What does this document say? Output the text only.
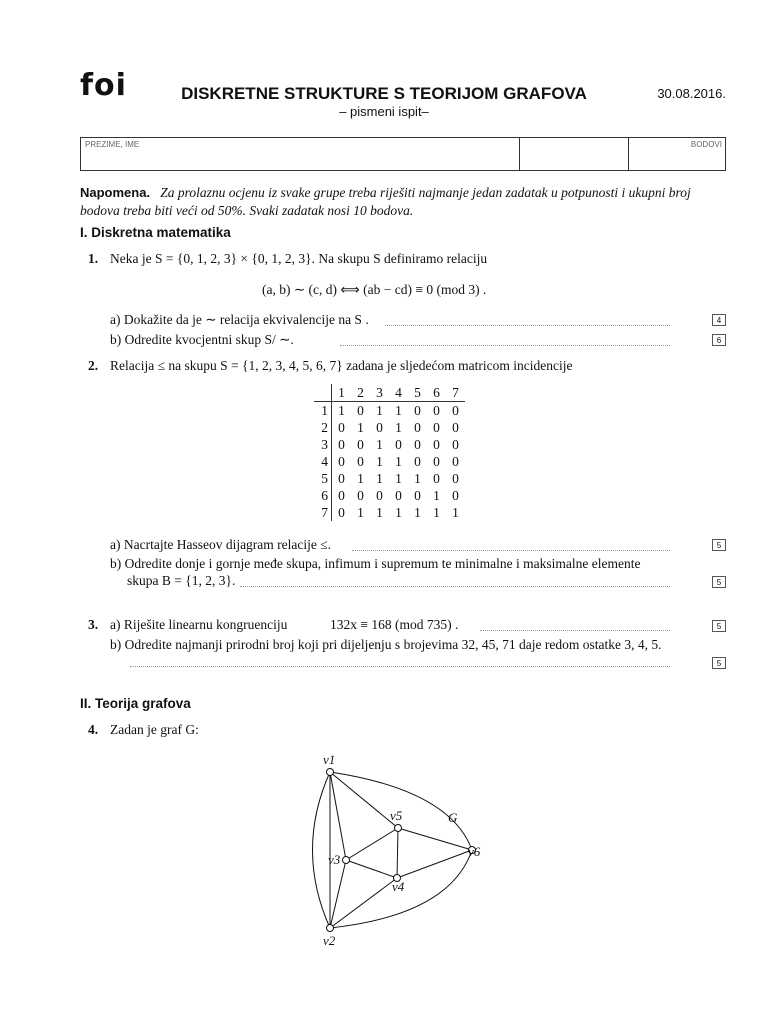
foi	DISKRETNE STRUKTURE S TEORIJOM GRAFOVA
– pismeni ispit–
30.08.2016.
PREZIME, IME	BODOVI
Napomena. Za prolaznu ocjenu iz svake grupe treba riješiti najmanje jedan zadatak u potpunosti i ukupni broj bodova treba biti veći od 50%. Svaki zadatak nosi 10 bodova.
I. Diskretna matematika
1. Neka je S = {0, 1, 2, 3} × {0, 1, 2, 3}. Na skupu S definiramo relaciju
(a, b) ∼ (c, d) ⟺ (ab − cd) ≡ 0 (mod 3) .
a) Dokažite da je ∼ relacija ekvivalencije na S .	4
b) Odredite kvocjentni skup S/ ∼.	6
2. Relacija ≤ na skupu S = {1, 2, 3, 4, 5, 6, 7} zadana je sljedećom matricom incidencije
	1	2	3	4	5	6	7
1	1	0	1	1	0	0	0
2	0	1	0	1	0	0	0
3	0	0	1	0	0	0	0
4	0	0	1	1	0	0	0
5	0	1	1	1	1	0	0
6	0	0	0	0	0	1	0
7	0	1	1	1	1	1	1
a) Nacrtajte Hasseov dijagram relacije ≤.	5
b) Odredite donje i gornje međe skupa, infimum i supremum te minimalne i maksimalne elemente
skupa B = {1, 2, 3}.	5
3. a) Riješite linearnu kongruenciju	132x ≡ 168 (mod 735) .	5
b) Odredite najmanji prirodni broj koji pri dijeljenju s brojevima 32, 45, 71 daje redom ostatke 3, 4, 5.
5
II. Teorija grafova
4. Zadan je graf G:
v1
v2
v3
v4
v5
v6
G
